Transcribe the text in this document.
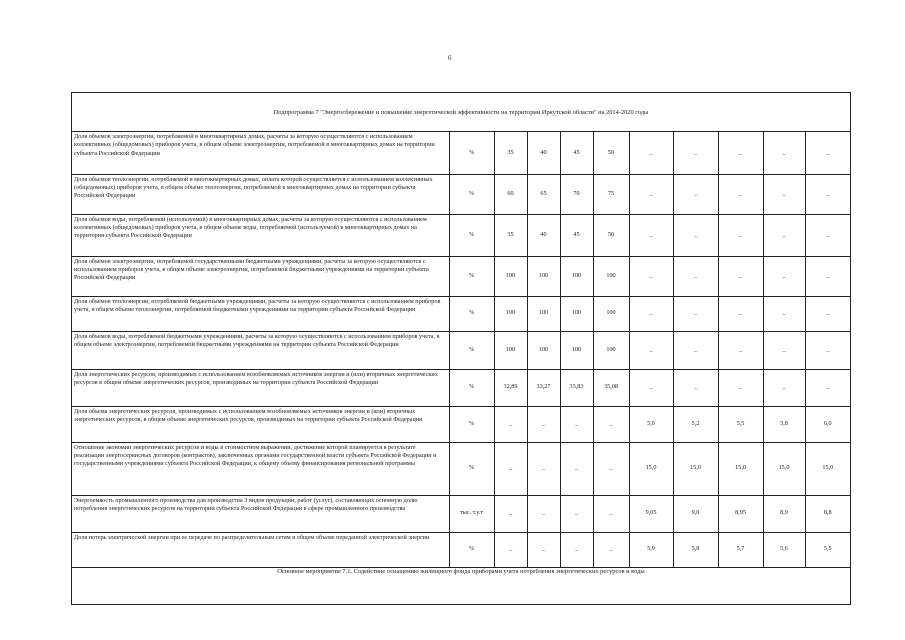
6
Подпрограмма 7 "Энергосбережение и повышение энергетической эффективности на территории Иркутской области" на 2014-2020 годы
Доля объемов электроэнергии, потребляемой в многоквартирных домах, расчеты за которую осуществляются с использованием коллективных (общедомовых) приборов учета, в общем объеме электроэнергии, потребляемой в многоквартирных домах на территории субъекта Российской Федерации	%	35	40	45	50	_	_	_	_	_
Доля объемов теплоэнергии, потребляемой в многоквартирных домах, оплата которой осуществляется с использованием коллективных (общедомовых) приборов учета, в общем объеме теплоэнергии, потребляемой в многоквартирных домах на территории субъекта Российской Федерации	%	60	65	70	75	_	_	_	_	_
Доля объемов воды, потребляемой (используемой) в многоквартирных домах, расчеты за которую осуществляются с использованием коллективных (общедомовых) приборов учета, в общем объеме воды, потребляемой (используемой) в многоквартирных домах на территории субъекта Российской Федерации	%	35	40	45	50	_	_	_	_	_
Доля объемов электроэнергии, потребляемой государственными бюджетными учреждениями, расчеты за которую осуществляются с использованием приборов учета, в общем объеме электроэнергии, потребляемой бюджетными учреждениями на территории субъекта Российской Федерации	%	100	100	100	100	_	_	_	_	_
Доля объемов теплоэнергии, потребляемой бюджетными учреждениями, расчеты за которую осуществляются с использованием приборов учета, в общем объеме теплоэнергии, потребляемой бюджетными учреждениями на территории субъекта Российской Федерации	%	100	100	100	100	_	_	_	_	_
Доля объемов воды, потребляемой бюджетными учреждениями, расчеты за которую осуществляются с использованием приборов учета, в общем объеме электроэнергии, потребляемой бюджетными учреждениями на территории субъекта Российской Федерации	%	100	100	100	100	_	_	_	_	_
Доля энергетических ресурсов, производимых с использованием возобновляемых источников энергии и (или) вторичных энергетических ресурсов в общем объеме энергетических ресурсов, производимых на территории субъекта Российской Федерации	%	32,89	33,27	33,83	35,08	_	_	_	_	_
Доля объема энергетических ресурсов, производимых с использованием возобновляемых источников энергии и (или) вторичных энергетических ресурсов, в общем объеме энергетических ресурсов, производимых на территории субъекта Российской Федерации	%	_	_	_	_	5,0	5,2	5,5	5,8	6,0
Отношение экономии энергетических ресурсов и воды в стоимостном выражении, достижение которой планируется в результате реализации энергосервисных договоров (контрактов), заключенных органами государственной власти субъекта Российской Федерации и государственными учреждениями субъекта Российской Федерации, к общему объему финансирования региональной программы	%	_	_	_	_	15,0	15,0	15,0	15,0	15,0
Энергоемкость промышленного производства для производства 3 видов продукции, работ (услуг), составляющих основную долю потребления энергетических ресурсов на территории субъекта Российской Федерации в сфере промышленного производства	тыс. т.у.т	_	_	_	_	9,05	9,0	8,95	8,9	8,8
Доля потерь электрической энергии при ее передаче по распределительным сетям в общем объеме переданной электрической энергии	%	_	_	_	_	5,9	5,8	5,7	5,6	5,5
Основное мероприятие 7.1. Содействие оснащению жилищного фонда приборами учета потребления энергетических ресурсов и воды
